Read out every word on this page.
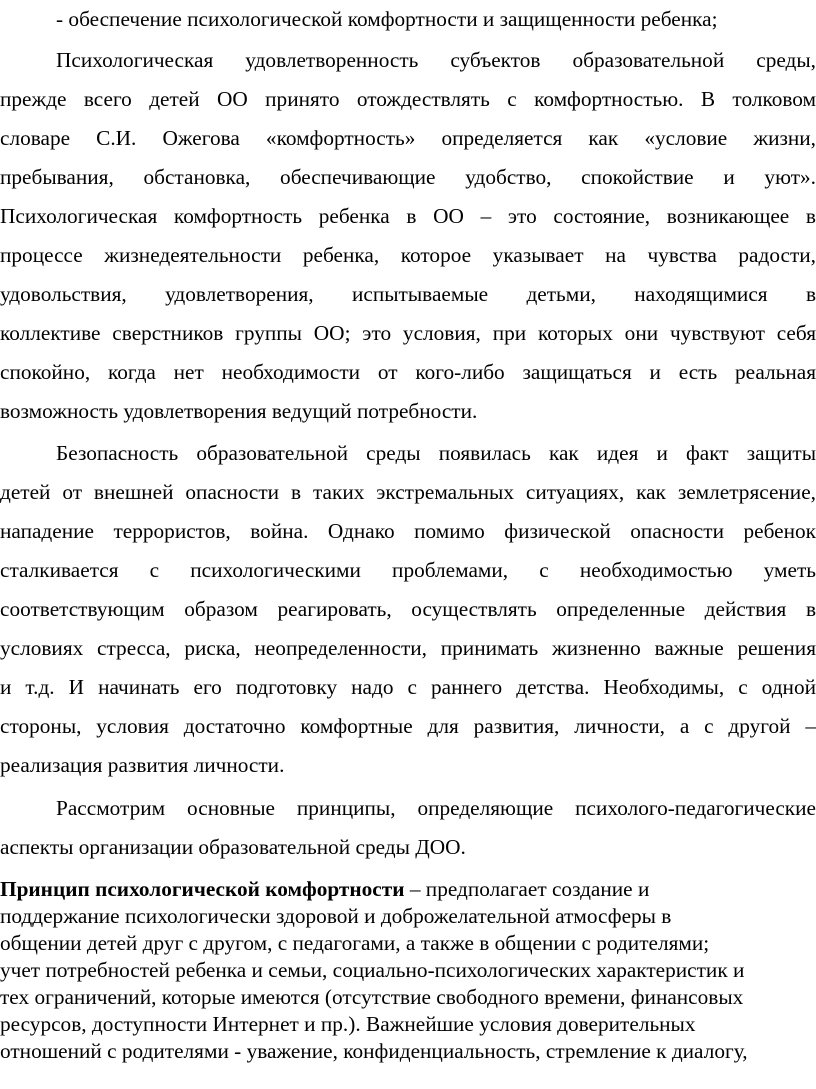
- обеспечение психологической комфортности и защищенности ребенка;
Психологическая удовлетворенность субъектов образовательной среды,
прежде всего детей ОО принято отождествлять с комфортностью. В толковом
словаре С.И. Ожегова «комфортность» определяется как «условие жизни,
пребывания, обстановка, обеспечивающие удобство, спокойствие и уют».
Психологическая комфортность ребенка в ОО – это состояние, возникающее в
процессе жизнедеятельности ребенка, которое указывает на чувства радости,
удовольствия, удовлетворения, испытываемые детьми, находящимися в
коллективе сверстников группы ОО; это условия, при которых они чувствуют себя
спокойно, когда нет необходимости от кого-либо защищаться и есть реальная
возможность удовлетворения ведущий потребности.
Безопасность образовательной среды появилась как идея и факт защиты
детей от внешней опасности в таких экстремальных ситуациях, как землетрясение,
нападение террористов, война. Однако помимо физической опасности ребенок
сталкивается с психологическими проблемами, с необходимостью уметь
соответствующим образом реагировать, осуществлять определенные действия в
условиях стресса, риска, неопределенности, принимать жизненно важные решения
и т.д. И начинать его подготовку надо с раннего детства. Необходимы, с одной
стороны, условия достаточно комфортные для развития, личности, а с другой –
реализация развития личности.
Рассмотрим основные принципы, определяющие психолого-педагогические
аспекты организации образовательной среды ДОО.
Принцип психологической комфортности – предполагает создание и
поддержание психологически здоровой и доброжелательной атмосферы в
общении детей друг с другом, с педагогами, а также в общении с родителями;
учет потребностей ребенка и семьи, социально-психологических характеристик и
тех ограничений, которые имеются (отсутствие свободного времени, финансовых
ресурсов, доступности Интернет и пр.). Важнейшие условия доверительных
отношений с родителями - уважение, конфиденциальность, стремление к диалогу,
